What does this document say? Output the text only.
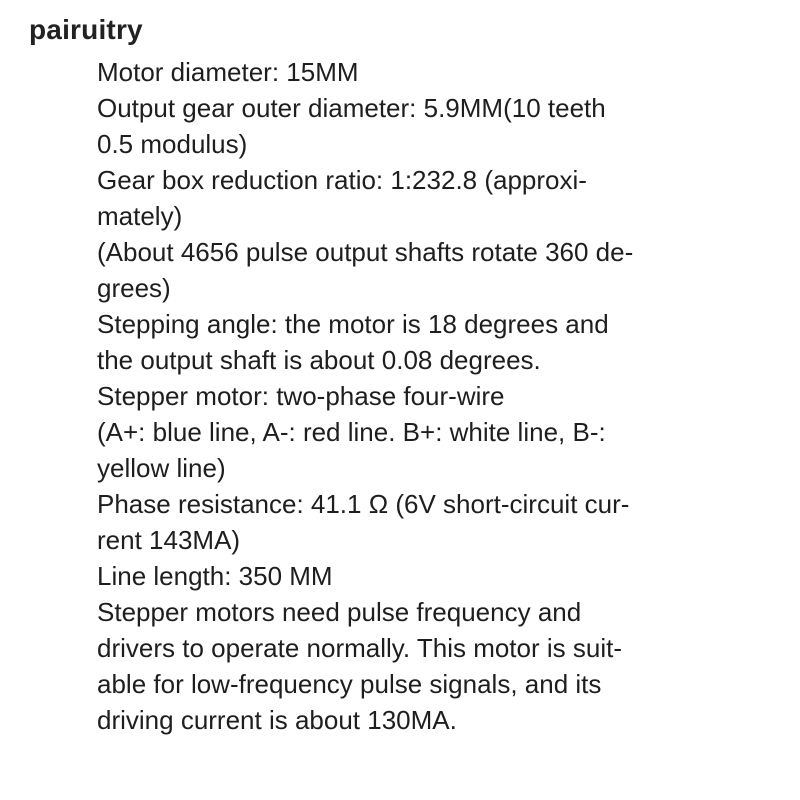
pairuitry
Motor diameter: 15MM
Output gear outer diameter: 5.9MM(10 teeth
0.5 modulus)
Gear box reduction ratio: 1:232.8 (approxi-
mately)
(About 4656 pulse output shafts rotate 360 de-
grees)
Stepping angle: the motor is 18 degrees and
the output shaft is about 0.08 degrees.
Stepper motor: two-phase four-wire
(A+: blue line, A-: red line. B+: white line, B-:
yellow line)
Phase resistance: 41.1 Ω (6V short-circuit cur-
rent 143MA)
Line length: 350 MM
Stepper motors need pulse frequency and
drivers to operate normally. This motor is suit-
able for low-frequency pulse signals, and its
driving current is about 130MA.
